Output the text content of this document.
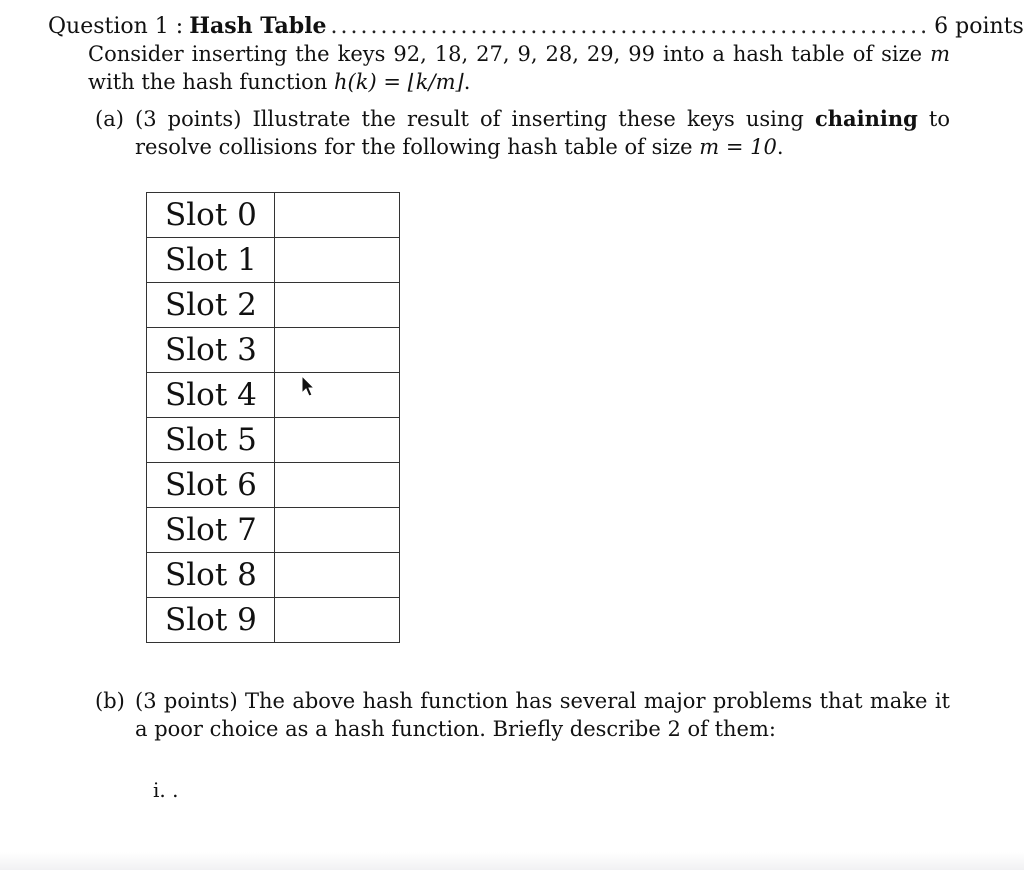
Question 1 : Hash Table ............................................................ 6 points
Consider inserting the keys 92, 18, 27, 9, 28, 29, 99 into a hash table of size m with the hash function h(k) = ⌊k/m⌋.
(a) (3 points) Illustrate the result of inserting these keys using chaining to resolve collisions for the following hash table of size m = 10.
Slot 0	
Slot 1	
Slot 2	
Slot 3	
Slot 4	
Slot 5	
Slot 6	
Slot 7	
Slot 8	
Slot 9	
(b) (3 points) The above hash function has several major problems that make it a poor choice as a hash function. Briefly describe 2 of them:
i. .
